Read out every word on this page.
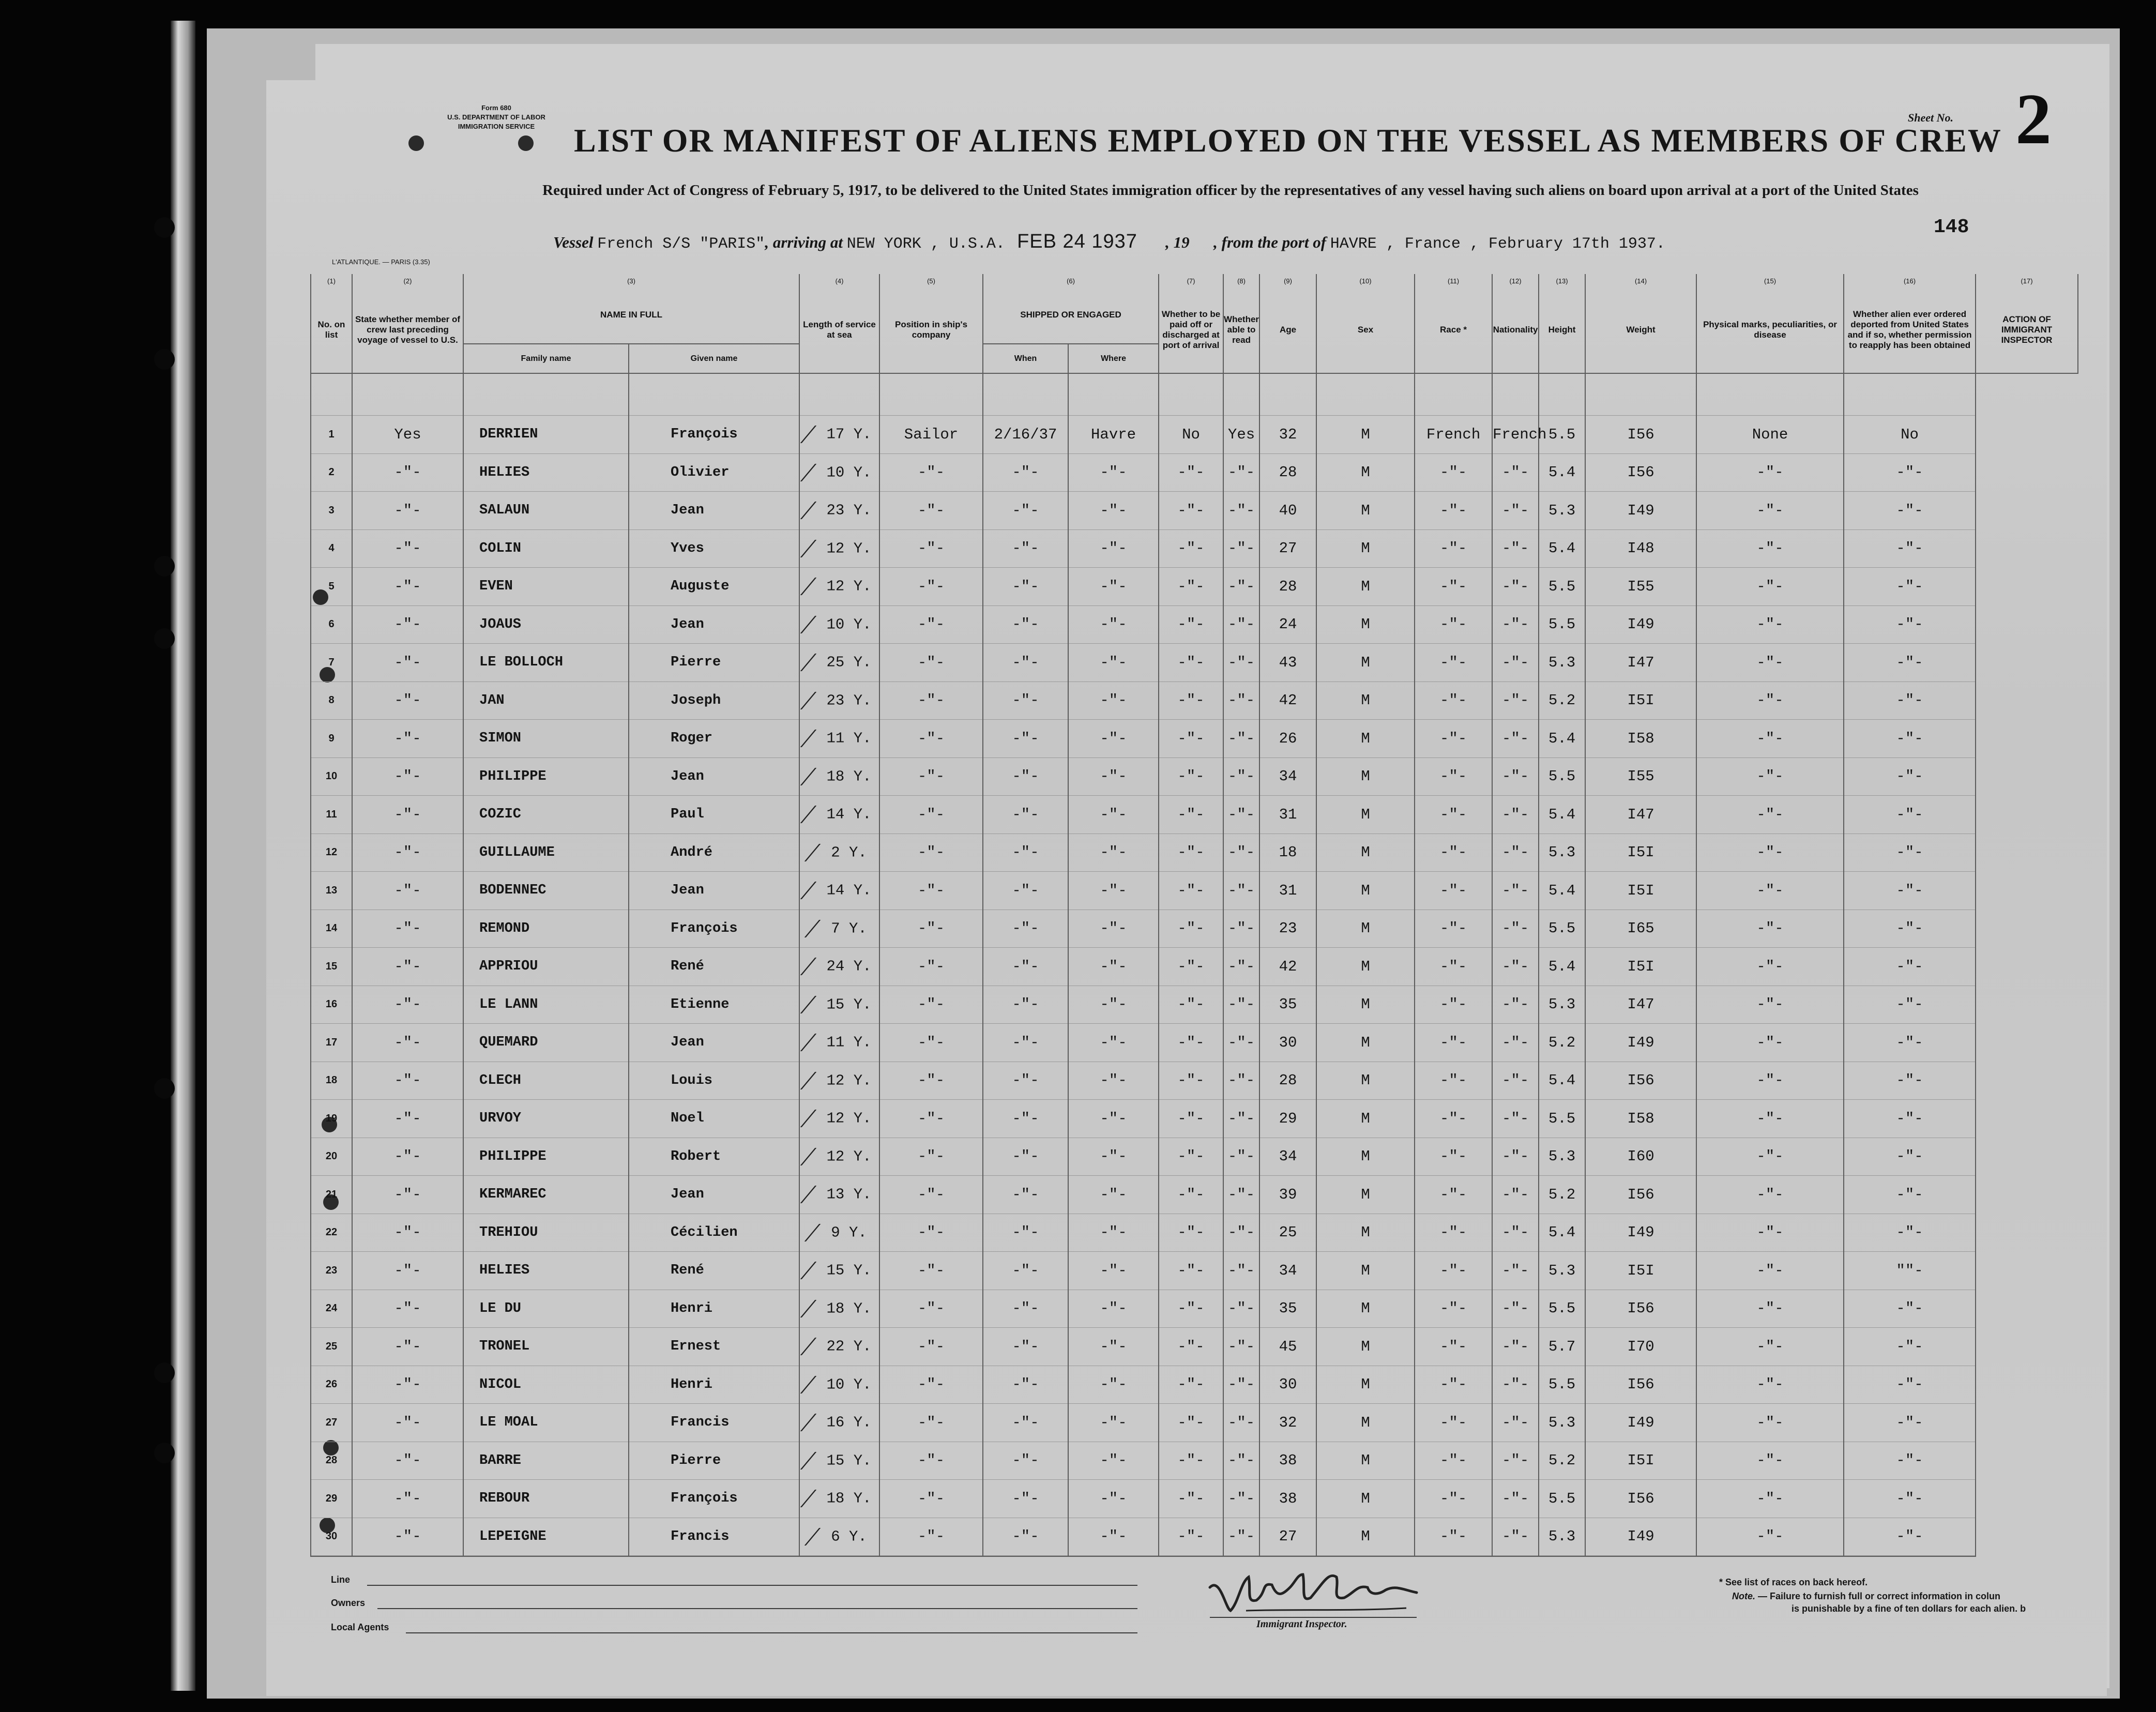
Form 680
U.S. DEPARTMENT OF LABOR
IMMIGRATION SERVICE	LIST OR MANIFEST OF ALIENS EMPLOYED ON THE VESSEL AS MEMBERS OF CREW
Required under Act of Congress of February 5, 1917, to be delivered to the United States immigration officer by the representatives of any vessel having such aliens on board upon arrival at a port of the United States
Sheet No. 2
148
Vessel French S/S "PARIS", arriving at NEW YORK , U.S.A. FEB 24 1937 , 19 , from the port of HAVRE , France , February 17th 1937.
L'ATLANTIQUE. — PARIS (3.35)
(1)	(2)	(3)		(4)	(5)	(6)		(7)	(8)	(9)	(10)	(11)	(12)	(13)	(14)	(15)	(16)	(17)
No. on list	State whether member of crew last preceding voyage of vessel to U.S.	NAME IN FULL		Length of service at sea	Position in ship's company	SHIPPED OR ENGAGED		Whether to be paid off or discharged at port of arrival	Whether able to read	Age	Sex	Race *	Nationality	Height	Weight	Physical marks, peculiarities, or disease	Whether alien ever ordered deported from United States and if so, whether permission to reapply has been obtained	ACTION OF IMMIGRANT INSPECTOR
		Family name	Given name			When	Where											

1	Yes	DERRIEN	François	17 Y.	Sailor	2/16/37	Havre	No	Yes	32	M	French	French	5.5	I56	None	No	
2	-"-	HELIES	Olivier	10 Y.	-"-	-"-	-"-	-"-	-"-	28	M	-"-	-"-	5.4	I56	-"-	-"-	
3	-"-	SALAUN	Jean	23 Y.	-"-	-"-	-"-	-"-	-"-	40	M	-"-	-"-	5.3	I49	-"-	-"-	
4	-"-	COLIN	Yves	12 Y.	-"-	-"-	-"-	-"-	-"-	27	M	-"-	-"-	5.4	I48	-"-	-"-	
5	-"-	EVEN	Auguste	12 Y.	-"-	-"-	-"-	-"-	-"-	28	M	-"-	-"-	5.5	I55	-"-	-"-	
6	-"-	JOAUS	Jean	10 Y.	-"-	-"-	-"-	-"-	-"-	24	M	-"-	-"-	5.5	I49	-"-	-"-	
7	-"-	LE BOLLOCH	Pierre	25 Y.	-"-	-"-	-"-	-"-	-"-	43	M	-"-	-"-	5.3	I47	-"-	-"-	
8	-"-	JAN	Joseph	23 Y.	-"-	-"-	-"-	-"-	-"-	42	M	-"-	-"-	5.2	I5I	-"-	-"-	
9	-"-	SIMON	Roger	11 Y.	-"-	-"-	-"-	-"-	-"-	26	M	-"-	-"-	5.4	I58	-"-	-"-	
10	-"-	PHILIPPE	Jean	18 Y.	-"-	-"-	-"-	-"-	-"-	34	M	-"-	-"-	5.5	I55	-"-	-"-	
11	-"-	COZIC	Paul	14 Y.	-"-	-"-	-"-	-"-	-"-	31	M	-"-	-"-	5.4	I47	-"-	-"-	
12	-"-	GUILLAUME	André	2 Y.	-"-	-"-	-"-	-"-	-"-	18	M	-"-	-"-	5.3	I5I	-"-	-"-	
13	-"-	BODENNEC	Jean	14 Y.	-"-	-"-	-"-	-"-	-"-	31	M	-"-	-"-	5.4	I5I	-"-	-"-	
14	-"-	REMOND	François	7 Y.	-"-	-"-	-"-	-"-	-"-	23	M	-"-	-"-	5.5	I65	-"-	-"-	
15	-"-	APPRIOU	René	24 Y.	-"-	-"-	-"-	-"-	-"-	42	M	-"-	-"-	5.4	I5I	-"-	-"-	
16	-"-	LE LANN	Etienne	15 Y.	-"-	-"-	-"-	-"-	-"-	35	M	-"-	-"-	5.3	I47	-"-	-"-	
17	-"-	QUEMARD	Jean	11 Y.	-"-	-"-	-"-	-"-	-"-	30	M	-"-	-"-	5.2	I49	-"-	-"-	
18	-"-	CLECH	Louis	12 Y.	-"-	-"-	-"-	-"-	-"-	28	M	-"-	-"-	5.4	I56	-"-	-"-	
19	-"-	URVOY	Noel	12 Y.	-"-	-"-	-"-	-"-	-"-	29	M	-"-	-"-	5.5	I58	-"-	-"-	
20	-"-	PHILIPPE	Robert	12 Y.	-"-	-"-	-"-	-"-	-"-	34	M	-"-	-"-	5.3	I60	-"-	-"-	
21	-"-	KERMAREC	Jean	13 Y.	-"-	-"-	-"-	-"-	-"-	39	M	-"-	-"-	5.2	I56	-"-	-"-	
22	-"-	TREHIOU	Cécilien	9 Y.	-"-	-"-	-"-	-"-	-"-	25	M	-"-	-"-	5.4	I49	-"-	-"-	
23	-"-	HELIES	René	15 Y.	-"-	-"-	-"-	-"-	-"-	34	M	-"-	-"-	5.3	I5I	-"-	""-	
24	-"-	LE DU	Henri	18 Y.	-"-	-"-	-"-	-"-	-"-	35	M	-"-	-"-	5.5	I56	-"-	-"-	
25	-"-	TRONEL	Ernest	22 Y.	-"-	-"-	-"-	-"-	-"-	45	M	-"-	-"-	5.7	I70	-"-	-"-	
26	-"-	NICOL	Henri	10 Y.	-"-	-"-	-"-	-"-	-"-	30	M	-"-	-"-	5.5	I56	-"-	-"-	
27	-"-	LE MOAL	Francis	16 Y.	-"-	-"-	-"-	-"-	-"-	32	M	-"-	-"-	5.3	I49	-"-	-"-	
28	-"-	BARRE	Pierre	15 Y.	-"-	-"-	-"-	-"-	-"-	38	M	-"-	-"-	5.2	I5I	-"-	-"-	
29	-"-	REBOUR	François	18 Y.	-"-	-"-	-"-	-"-	-"-	38	M	-"-	-"-	5.5	I56	-"-	-"-	
30	-"-	LEPEIGNE	Francis	6 Y.	-"-	-"-	-"-	-"-	-"-	27	M	-"-	-"-	5.3	I49	-"-	-"-	

Line
Owners
Local Agents	Immigrant Inspector.
* See list of races on back hereof.
Note. — Failure to furnish full or correct information in colun
is punishable by a fine of ten dollars for each alien. b
